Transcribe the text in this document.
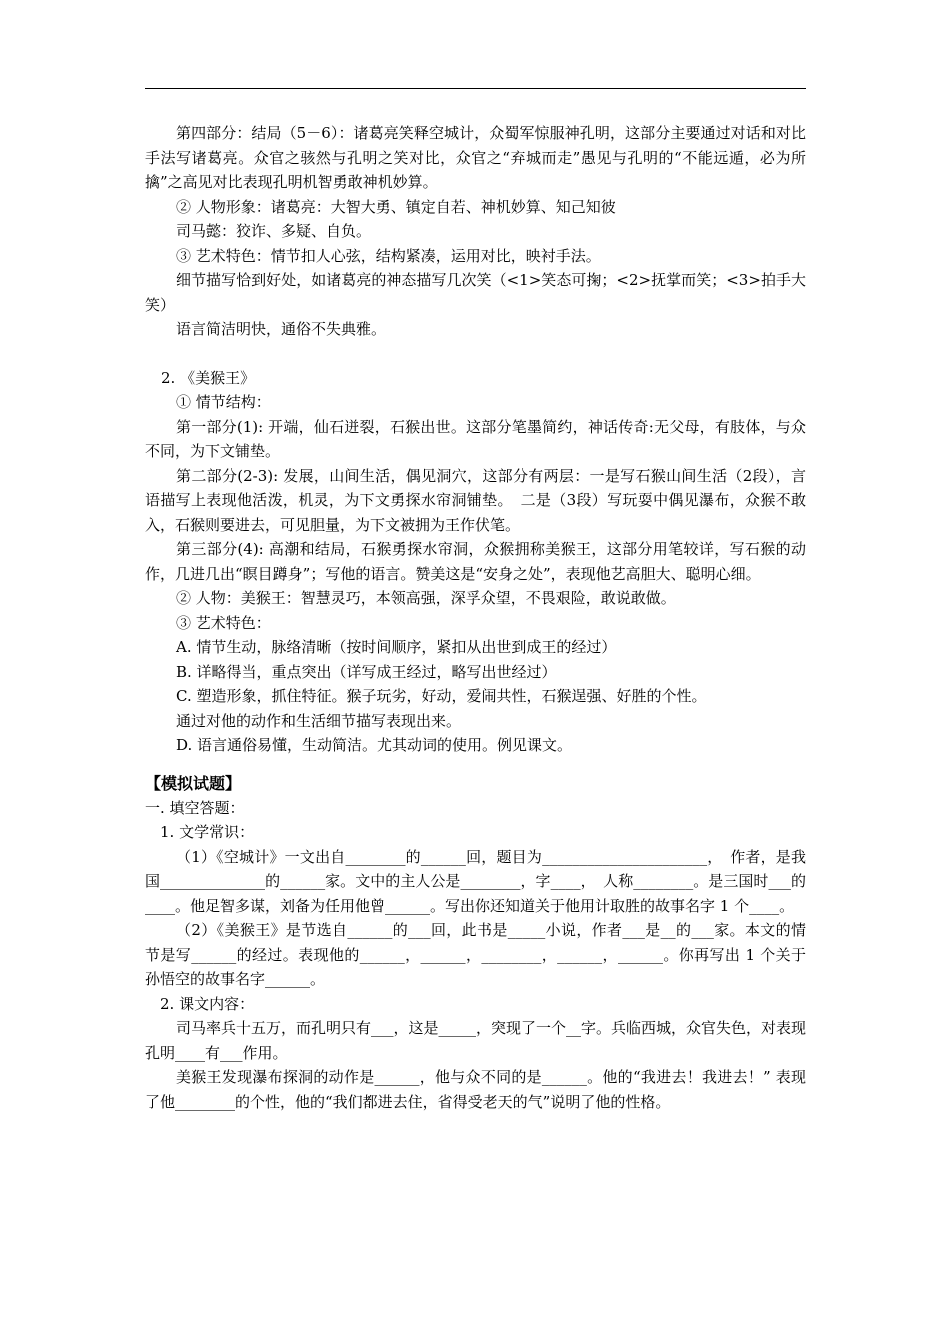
第四部分：结局（5－6）：诸葛亮笑释空城计，众蜀军惊服神孔明，这部分主要通过对话和对比手法写诸葛亮。众官之骇然与孔明之笑对比，众官之“弃城而走”愚见与孔明的“不能远遁，必为所擒”之高见对比表现孔明机智勇敢神机妙算。

② 人物形象：诸葛亮：大智大勇、镇定自若、神机妙算、知己知彼

司马懿：狡诈、多疑、自负。

③ 艺术特色：情节扣人心弦，结构紧凑，运用对比，映衬手法。

细节描写恰到好处，如诸葛亮的神态描写几次笑（<1>笑态可掬；<2>抚掌而笑；<3>拍手大笑）

语言简洁明快，通俗不失典雅。

2. 《美猴王》

① 情节结构：

第一部分(1): 开端，仙石迸裂，石猴出世。这部分笔墨简约，神话传奇:无父母，有肢体，与众不同，为下文铺垫。

第二部分(2-3): 发展，山间生活，偶见洞穴，这部分有两层：一是写石猴山间生活（2段），言语描写上表现他活泼，机灵，为下文勇探水帘洞铺垫。　二是（3段）写玩耍中偶见瀑布，众猴不敢入，石猴则要进去，可见胆量，为下文被拥为王作伏笔。

第三部分(4): 高潮和结局，石猴勇探水帘洞，众猴拥称美猴王，这部分用笔较详，写石猴的动作，几进几出“瞑目蹲身”；写他的语言。赞美这是“安身之处”，表现他艺高胆大、聪明心细。

② 人物：美猴王：智慧灵巧，本领高强，深孚众望，不畏艰险，敢说敢做。

③ 艺术特色：

A. 情节生动，脉络清晰（按时间顺序，紧扣从出世到成王的经过）

B. 详略得当，重点突出（详写成王经过，略写出世经过）

C. 塑造形象，抓住特征。猴子玩劣，好动，爱闹共性，石猴逞强、好胜的个性。

通过对他的动作和生活细节描写表现出来。

D. 语言通俗易懂，生动简洁。尤其动词的使用。例见课文。

【模拟试题】

一. 填空答题：

1. 文学常识：

（1）《空城计》一文出自________的______回，题目为______________________，　作者，是我国______________的______家。文中的主人公是________，字____，　人称________。是三国时___的____。他足智多谋，刘备为任用他曾______。写出你还知道关于他用计取胜的故事名字 1 个____。

（2）《美猴王》是节选自______的___回，此书是_____小说，作者___是__的___家。本文的情节是写______的经过。表现他的______，______，________，______，______。你再写出 1 个关于孙悟空的故事名字______。

2. 课文内容：

司马率兵十五万，而孔明只有___，这是_____，突现了一个__字。兵临西城，众官失色，对表现孔明____有___作用。

美猴王发现瀑布探洞的动作是______，他与众不同的是______。他的“我进去！我进去！” 表现了他________的个性，他的“我们都进去住，省得受老天的气”说明了他的性格。
